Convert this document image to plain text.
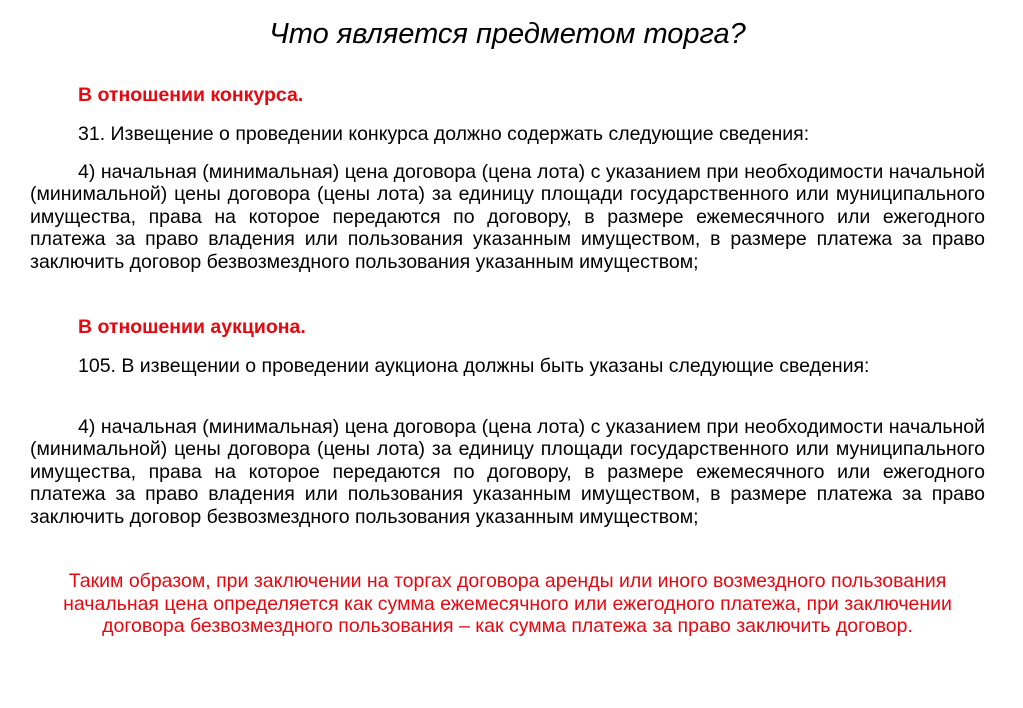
Что является предметом торга?
В отношении конкурса.
31. Извещение о проведении конкурса должно содержать следующие сведения:
4) начальная (минимальная) цена договора (цена лота) с указанием при необходимости начальной (минимальной) цены договора (цены лота) за единицу площади государственного или муниципального имущества, права на которое передаются по договору, в размере ежемесячного или ежегодного платежа за право владения или пользования указанным имуществом, в размере платежа за право заключить договор безвозмездного пользования указанным имуществом;
В отношении аукциона.
105. В извещении о проведении аукциона должны быть указаны следующие сведения:
4) начальная (минимальная) цена договора (цена лота) с указанием при необходимости начальной (минимальной) цены договора (цены лота) за единицу площади государственного или муниципального имущества, права на которое передаются по договору, в размере ежемесячного или ежегодного платежа за право владения или пользования указанным имуществом, в размере платежа за право заключить договор безвозмездного пользования указанным имуществом;
Таким образом, при заключении на торгах договора аренды или иного возмездного пользования начальная цена определяется как сумма ежемесячного или ежегодного платежа, при заключении договора безвозмездного пользования – как сумма платежа за право заключить договор.
